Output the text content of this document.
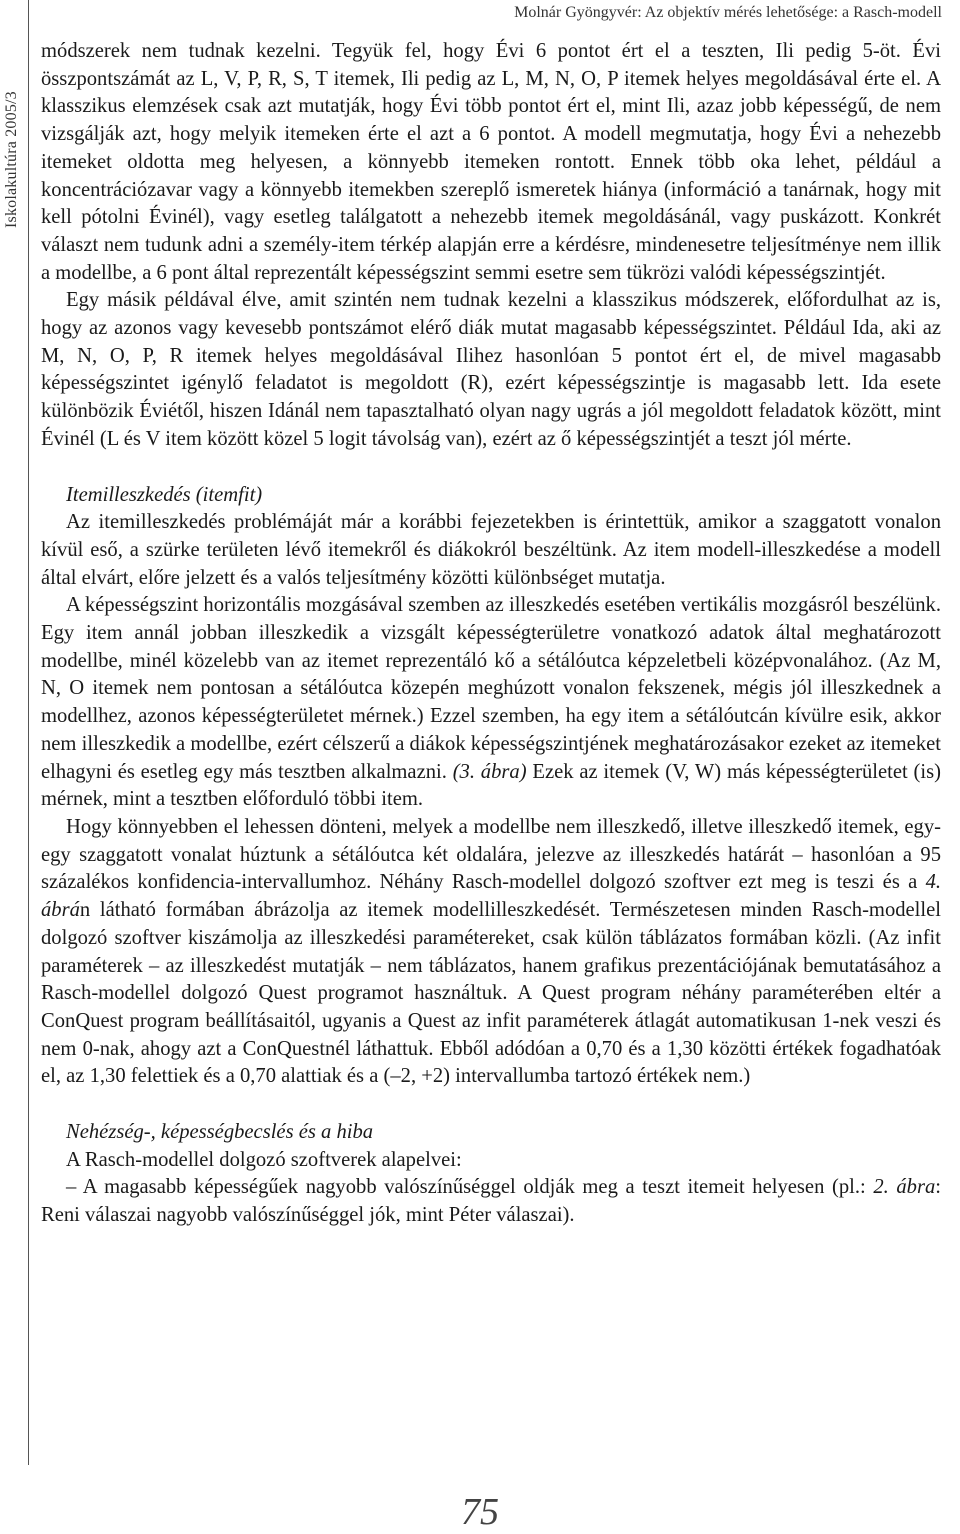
Iskolakultúra 2005/3
Molnár Gyöngyvér: Az objektív mérés lehetősége: a Rasch-modell

módszerek nem tudnak kezelni. Tegyük fel, hogy Évi 6 pontot ért el a teszten, Ili pedig 5-öt. Évi összpontszámát az L, V, P, R, S, T itemek, Ili pedig az L, M, N, O, P itemek helyes megoldásával érte el. A klasszikus elemzések csak azt mutatják, hogy Évi több pontot ért el, mint Ili, azaz jobb képességű, de nem vizsgálják azt, hogy melyik itemeken érte el azt a 6 pontot. A modell megmutatja, hogy Évi a nehezebb itemeket oldotta meg helyesen, a könnyebb itemeken rontott. Ennek több oka lehet, például a koncentrációzavar vagy a könnyebb itemekben szereplő ismeretek hiánya (információ a tanárnak, hogy mit kell pótolni Évinél), vagy esetleg találgatott a nehezebb itemek megoldásánál, vagy puskázott. Konkrét választ nem tudunk adni a személy-item térkép alapján erre a kérdésre, mindenesetre teljesítménye nem illik a modellbe, a 6 pont által reprezentált képességszint semmi esetre sem tükrözi valódi képességszintjét.

Egy másik példával élve, amit szintén nem tudnak kezelni a klasszikus módszerek, előfordulhat az is, hogy az azonos vagy kevesebb pontszámot elérő diák mutat magasabb képességszintet. Például Ida, aki az M, N, O, P, R itemek helyes megoldásával Ilihez hasonlóan 5 pontot ért el, de mivel magasabb képességszintet igénylő feladatot is megoldott (R), ezért képességszintje is magasabb lett. Ida esete különbözik Éviétől, hiszen Idánál nem tapasztalható olyan nagy ugrás a jól megoldott feladatok között, mint Évinél (L és V item között közel 5 logit távolság van), ezért az ő képességszintjét a teszt jól mérte.

Itemilleszkedés (itemfit)

Az itemilleszkedés problémáját már a korábbi fejezetekben is érintettük, amikor a szaggatott vonalon kívül eső, a szürke területen lévő itemekről és diákokról beszéltünk. Az item modell-illeszkedése a modell által elvárt, előre jelzett és a valós teljesítmény közötti különbséget mutatja.

A képességszint horizontális mozgásával szemben az illeszkedés esetében vertikális mozgásról beszélünk. Egy item annál jobban illeszkedik a vizsgált képességterületre vonatkozó adatok által meghatározott modellbe, minél közelebb van az itemet reprezentáló kő a sétálóutca képzeletbeli középvonalához. (Az M, N, O itemek nem pontosan a sétálóutca közepén meghúzott vonalon fekszenek, mégis jól illeszkednek a modellhez, azonos képességterületet mérnek.) Ezzel szemben, ha egy item a sétálóutcán kívülre esik, akkor nem illeszkedik a modellbe, ezért célszerű a diákok képességszintjének meghatározásakor ezeket az itemeket elhagyni és esetleg egy más tesztben alkalmazni. (3. ábra) Ezek az itemek (V, W) más képességterületet (is) mérnek, mint a tesztben előforduló többi item.

Hogy könnyebben el lehessen dönteni, melyek a modellbe nem illeszkedő, illetve illeszkedő itemek, egy-egy szaggatott vonalat húztunk a sétálóutca két oldalára, jelezve az illeszkedés határát – hasonlóan a 95 százalékos konfidencia-intervallumhoz. Néhány Rasch-modellel dolgozó szoftver ezt meg is teszi és a 4. ábrán látható formában ábrázolja az itemek modellilleszkedését. Természetesen minden Rasch-modellel dolgozó szoftver kiszámolja az illeszkedési paramétereket, csak külön táblázatos formában közli. (Az infit paraméterek – az illeszkedést mutatják – nem táblázatos, hanem grafikus prezentációjának bemutatásához a Rasch-modellel dolgozó Quest programot használtuk. A Quest program néhány paraméterében eltér a ConQuest program beállításaitól, ugyanis a Quest az infit paraméterek átlagát automatikusan 1-nek veszi és nem 0-nak, ahogy azt a ConQuestnél láthattuk. Ebből adódóan a 0,70 és a 1,30 közötti értékek fogadhatóak el, az 1,30 felettiek és a 0,70 alattiak és a (–2, +2) intervallumba tartozó értékek nem.)

Nehézség-, képességbecslés és a hiba

A Rasch-modellel dolgozó szoftverek alapelvei:

– A magasabb képességűek nagyobb valószínűséggel oldják meg a teszt itemeit helyesen (pl.: 2. ábra: Reni válaszai nagyobb valószínűséggel jók, mint Péter válaszai).

75
